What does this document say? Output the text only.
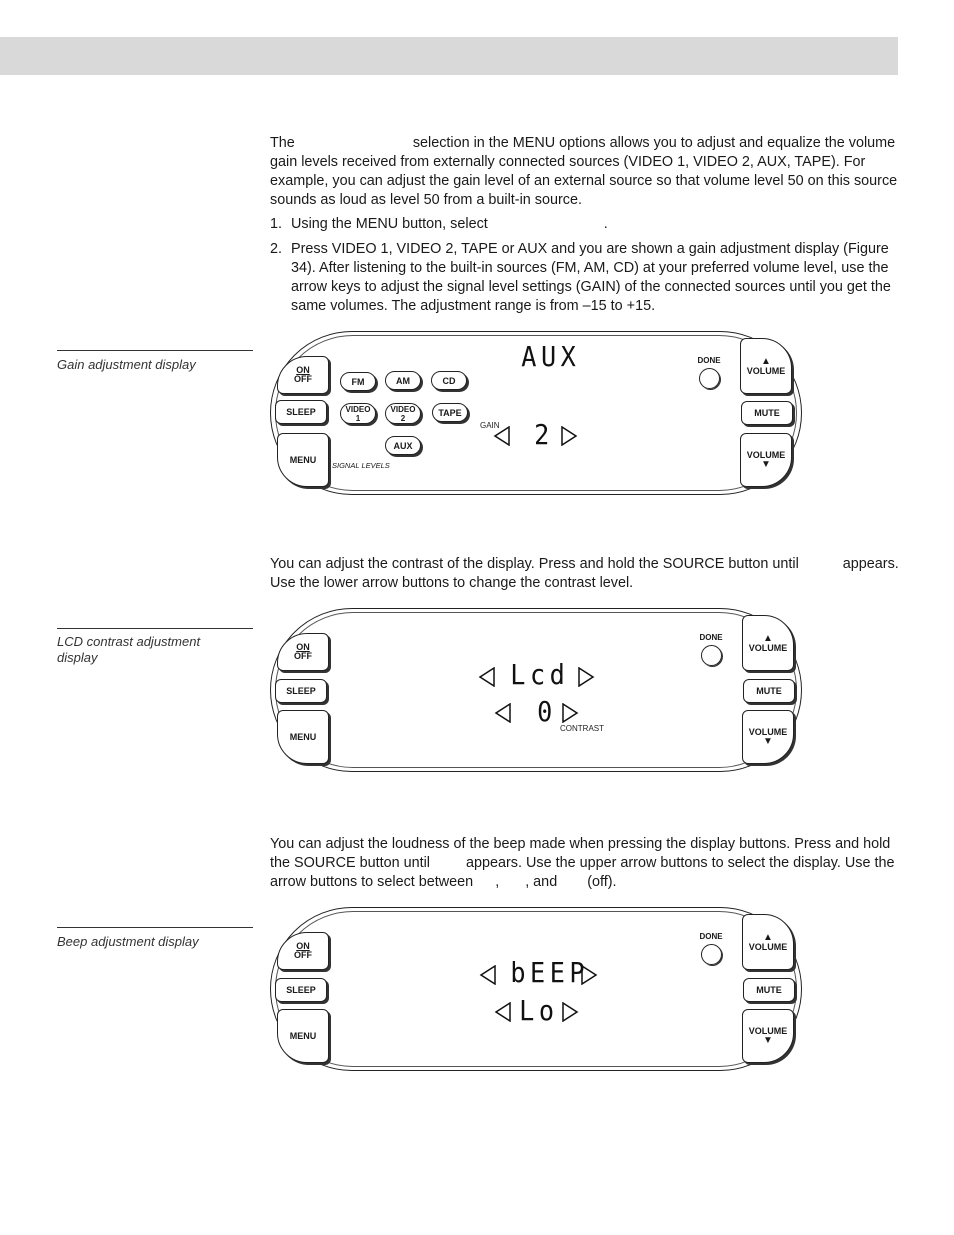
The	selection in the MENU options allows you to adjust and equalize the volume gain levels received from externally connected sources (VIDEO 1, VIDEO 2, AUX, TAPE). For example, you can adjust the gain level of an external source so that volume level 50 on this source sounds as loud as level 50 from a built-in source.

1. Using the MENU button, select	.
2. Press VIDEO 1, VIDEO 2, TAPE or AUX and you are shown a gain adjustment display (Figure 34). After listening to the built-in sources (FM, AM, CD) at your preferred volume level, use the arrow keys to adjust the signal level settings (GAIN) of the connected sources until you get the same volumes. The adjustment range is from –15 to +15.
Gain adjustment display	ON
OFF
SLEEP
MENU
FM	AM	CD
VIDEO
1
VIDEO
2
TAPE
AUX
SIGNAL LEVELS
AUX
GAIN 2
DONE	▲
VOLUME
MUTE
VOLUME
▼

You can adjust the contrast of the display. Press and hold the SOURCE button until	appears. Use the lower arrow buttons to change the contrast level.

LCD contrast adjustment display
ON
OFF
SLEEP
MENU
Lcd
0
CONTRAST
DONE	▲
VOLUME
MUTE
VOLUME
▼

You can adjust the loudness of the beep made when pressing the display buttons. Press and hold the SOURCE button until	appears. Use the upper arrow buttons to select the display. Use the arrow buttons to select between , , and (off).

Beep adjustment display	ON
OFF
SLEEP
MENU
bEEP
Lo
DONE	▲
VOLUME
MUTE
VOLUME
▼
